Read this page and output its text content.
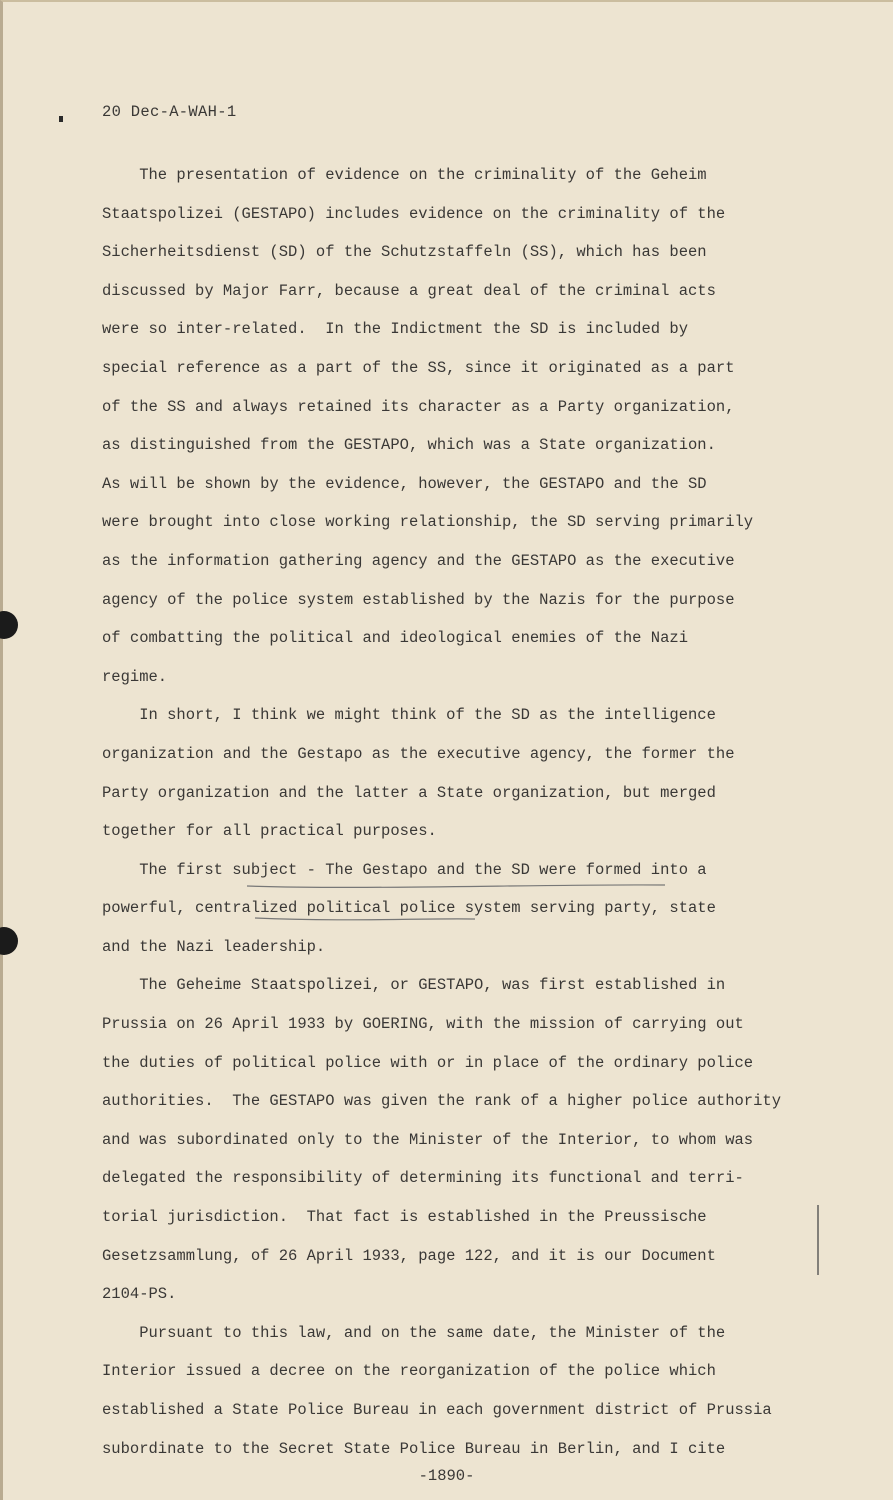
20 Dec-A-WAH-1

The presentation of evidence on the criminality of the Geheim

Staatspolizei (GESTAPO) includes evidence on the criminality of the

Sicherheitsdienst (SD) of the Schutzstaffeln (SS), which has been

discussed by Major Farr, because a great deal of the criminal acts

were so inter-related.  In the Indictment the SD is included by

special reference as a part of the SS, since it originated as a part

of the SS and always retained its character as a Party organization,

as distinguished from the GESTAPO, which was a State organization.

As will be shown by the evidence, however, the GESTAPO and the SD

were brought into close working relationship, the SD serving primarily

as the information gathering agency and the GESTAPO as the executive

agency of the police system established by the Nazis for the purpose

of combatting the political and ideological enemies of the Nazi

regime.

In short, I think we might think of the SD as the intelligence

organization and the Gestapo as the executive agency, the former the

Party organization and the latter a State organization, but merged

together for all practical purposes.

The first subject - The Gestapo and the SD were formed into a

powerful, centralized political police system serving party, state

and the Nazi leadership.

The Geheime Staatspolizei, or GESTAPO, was first established in

Prussia on 26 April 1933 by GOERING, with the mission of carrying out

the duties of political police with or in place of the ordinary police

authorities.  The GESTAPO was given the rank of a higher police authority

and was subordinated only to the Minister of the Interior, to whom was

delegated the responsibility of determining its functional and terri-

torial jurisdiction.  That fact is established in the Preussische

Gesetzsammlung, of 26 April 1933, page 122, and it is our Document

2104-PS.

Pursuant to this law, and on the same date, the Minister of the

Interior issued a decree on the reorganization of the police which

established a State Police Bureau in each government district of Prussia

subordinate to the Secret State Police Bureau in Berlin, and I cite

-1890-
